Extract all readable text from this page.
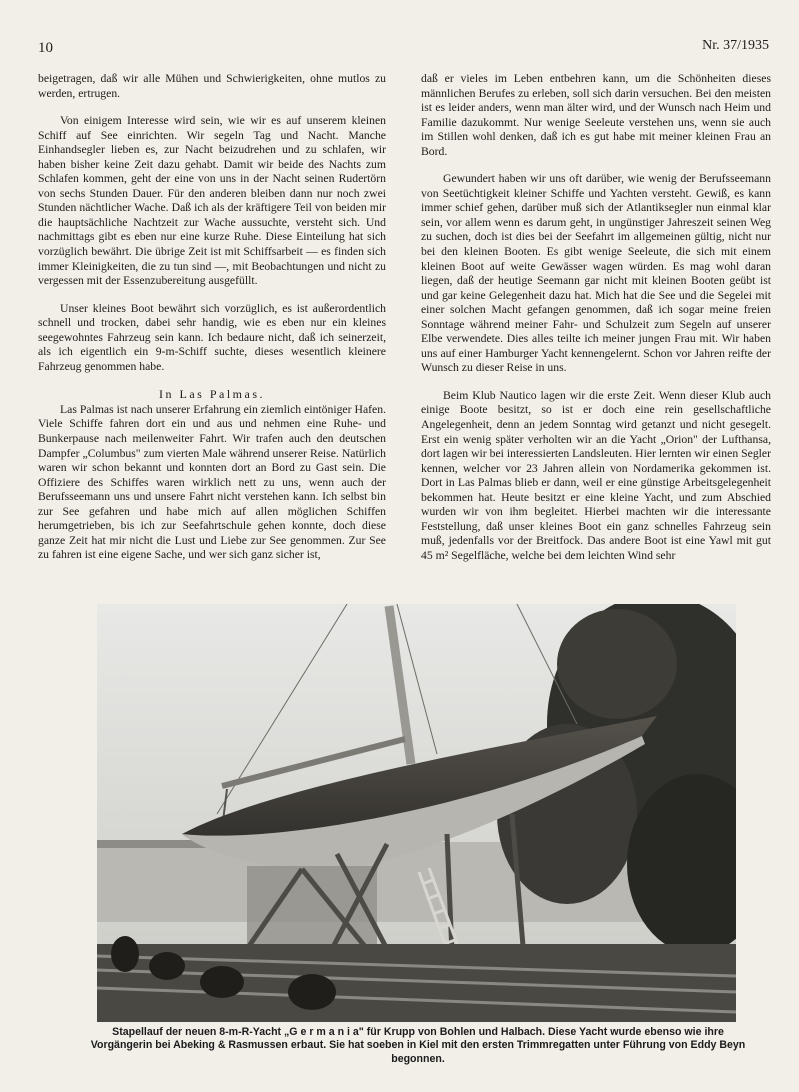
10	Nr. 37/1935

beigetragen, daß wir alle Mühen und Schwierigkeiten, ohne mutlos zu werden, ertrugen.

Von einigem Interesse wird sein, wie wir es auf unserem kleinen Schiff auf See einrichten. Wir segeln Tag und Nacht. Manche Einhandsegler lieben es, zur Nacht beizudrehen und zu schlafen, wir haben bisher keine Zeit dazu gehabt. Damit wir beide des Nachts zum Schlafen kommen, geht der eine von uns in der Nacht seinen Rudertörn von sechs Stunden Dauer. Für den anderen bleiben dann nur noch zwei Stunden nächtlicher Wache. Daß ich als der kräftigere Teil von beiden mir die hauptsächliche Nachtzeit zur Wache aussuchte, versteht sich. Und nachmittags gibt es eben nur eine kurze Ruhe. Diese Einteilung hat sich vorzüglich bewährt. Die übrige Zeit ist mit Schiffsarbeit — es finden sich immer Kleinigkeiten, die zu tun sind —, mit Beobachtungen und nicht zu vergessen mit der Essenzubereitung ausgefüllt.

Unser kleines Boot bewährt sich vorzüglich, es ist außerordentlich schnell und trocken, dabei sehr handig, wie es eben nur ein kleines seegewohntes Fahrzeug sein kann. Ich bedaure nicht, daß ich seinerzeit, als ich eigentlich ein 9-m-Schiff suchte, dieses wesentlich kleinere Fahrzeug genommen habe.

In Las Palmas.

Las Palmas ist nach unserer Erfahrung ein ziemlich eintöniger Hafen. Viele Schiffe fahren dort ein und aus und nehmen eine Ruhe- und Bunkerpause nach meilenweiter Fahrt. Wir trafen auch den deutschen Dampfer „Columbus" zum vierten Male während unserer Reise. Natürlich waren wir schon bekannt und konnten dort an Bord zu Gast sein. Die Offiziere des Schiffes waren wirklich nett zu uns, wenn auch der Berufsseemann uns und unsere Fahrt nicht verstehen kann. Ich selbst bin zur See gefahren und habe mich auf allen möglichen Schiffen herumgetrieben, bis ich zur Seefahrtschule gehen konnte, doch diese ganze Zeit hat mir nicht die Lust und Liebe zur See genommen. Zur See zu fahren ist eine eigene Sache, und wer sich ganz sicher ist,

daß er vieles im Leben entbehren kann, um die Schönheiten dieses männlichen Berufes zu erleben, soll sich darin versuchen. Bei den meisten ist es leider anders, wenn man älter wird, und der Wunsch nach Heim und Familie dazukommt. Nur wenige Seeleute verstehen uns, wenn sie auch im Stillen wohl denken, daß ich es gut habe mit meiner kleinen Frau an Bord.

Gewundert haben wir uns oft darüber, wie wenig der Berufsseemann von Seetüchtigkeit kleiner Schiffe und Yachten versteht. Gewiß, es kann immer schief gehen, darüber muß sich der Atlantiksegler nun einmal klar sein, vor allem wenn es darum geht, in ungünstiger Jahreszeit seinen Weg zu suchen, doch ist dies bei der Seefahrt im allgemeinen gültig, nicht nur bei den kleinen Booten. Es gibt wenige Seeleute, die sich mit einem kleinen Boot auf weite Gewässer wagen würden. Es mag wohl daran liegen, daß der heutige Seemann gar nicht mit kleinen Booten geübt ist und gar keine Gelegenheit dazu hat. Mich hat die See und die Segelei mit einer solchen Macht gefangen genommen, daß ich sogar meine freien Sonntage während meiner Fahr- und Schulzeit zum Segeln auf unserer Elbe verwendete. Dies alles teilte ich meiner jungen Frau mit. Wir haben uns auf einer Hamburger Yacht kennengelernt. Schon vor Jahren reifte der Wunsch zu dieser Reise in uns.

Beim Klub Nautico lagen wir die erste Zeit. Wenn dieser Klub auch einige Boote besitzt, so ist er doch eine rein gesellschaftliche Angelegenheit, denn an jedem Sonntag wird getanzt und nicht gesegelt. Erst ein wenig später verholten wir an die Yacht „Orion" der Lufthansa, dort lagen wir bei interessierten Landsleuten. Hier lernten wir einen Segler kennen, welcher vor 23 Jahren allein von Nordamerika gekommen ist. Dort in Las Palmas blieb er dann, weil er eine günstige Arbeitsgelegenheit bekommen hat. Heute besitzt er eine kleine Yacht, und zum Abschied wurden wir von ihm begleitet. Hierbei machten wir die interessante Feststellung, daß unser kleines Boot ein ganz schnelles Fahrzeug sein muß, jedenfalls vor der Breitfock. Das andere Boot ist eine Yawl mit gut 45 m² Segelfläche, welche bei dem leichten Wind sehr

Stapellauf der neuen 8-m-R-Yacht „G e r m a n i a" für Krupp von Bohlen und Halbach. Diese Yacht wurde ebenso wie ihre Vorgängerin bei Abeking & Rasmussen erbaut. Sie hat soeben in Kiel mit den ersten Trimmregatten unter Führung von Eddy Beyn begonnen.
